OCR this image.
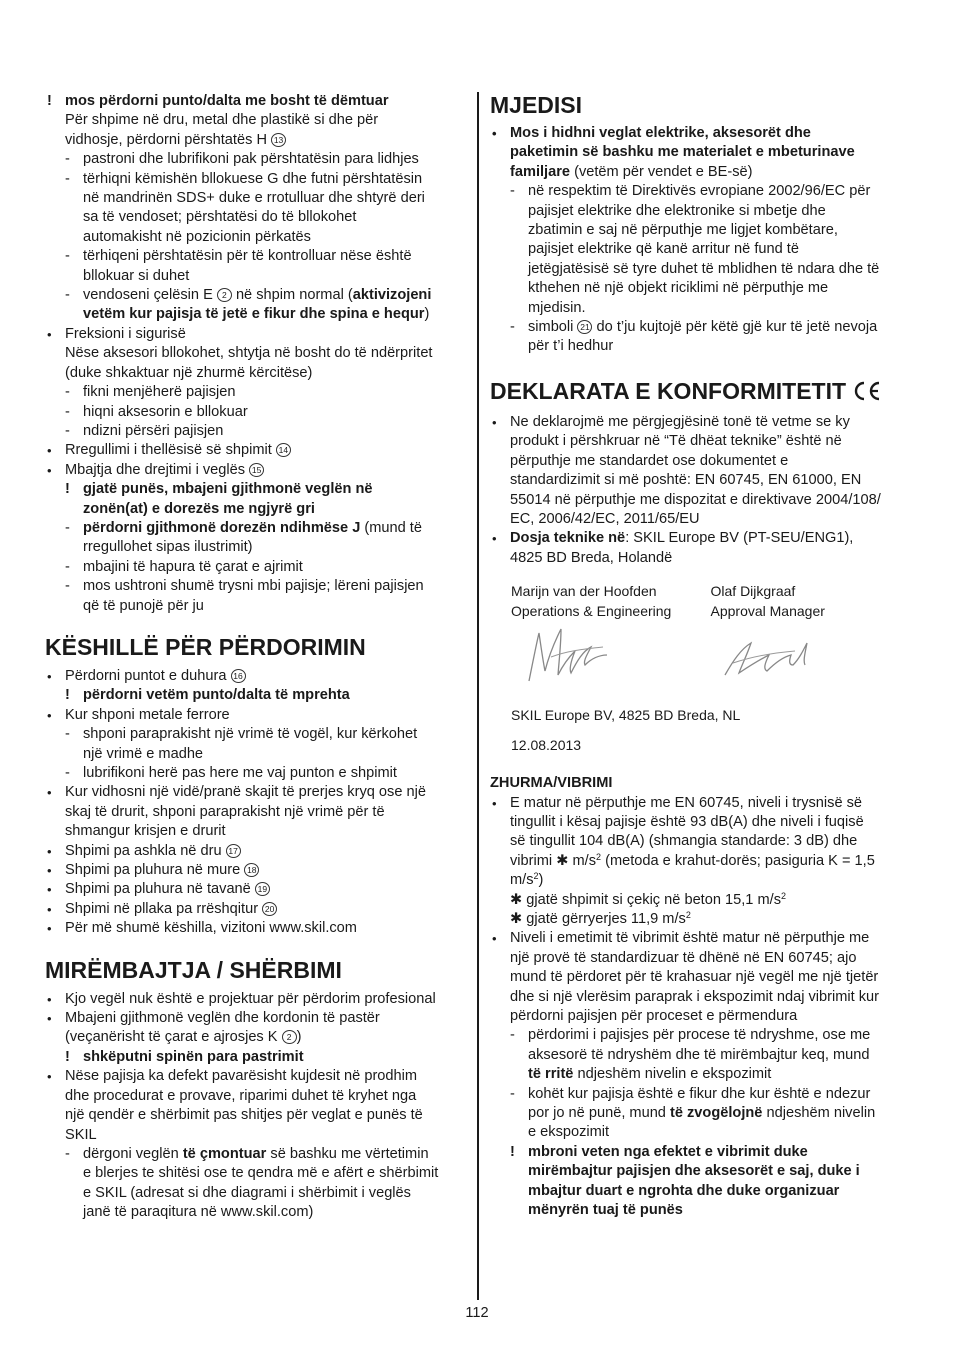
! mos përdorni punto/dalta me bosht të dëmtuar
Për shpime në dru, metal dhe plastikë si dhe për
vidhosje, përdorni përshtatës H 13
- pastroni dhe lubrifikoni pak përshtatësin para lidhjes
- tërhiqni këmishën bllokuese G dhe futni përshtatësin
në mandrinën SDS+ duke e rrotulluar dhe shtyrë deri
sa të vendoset; përshtatësi do të bllokohet
automakisht në pozicionin përkatës
- tërhiqeni përshtatësin për të kontrolluar nëse është
bllokuar si duhet
- vendoseni çelësin E 2 në shpim normal (aktivizojeni
vetëm kur pajisja të jetë e fikur dhe spina e hequr)
• Freksioni i sigurisë
Nëse aksesori bllokohet, shtytja në bosht do të ndërpritet
(duke shkaktuar një zhurmë kërcitëse)
- fikni menjëherë pajisjen
- hiqni aksesorin e bllokuar
- ndizni përsëri pajisjen
• Rregullimi i thellësisë së shpimit 14
• Mbajtja dhe drejtimi i veglës 15
! gjatë punës, mbajeni gjithmonë veglën në
zonën(at) e dorezës me ngjyrë gri
- përdorni gjithmonë dorezën ndihmëse J (mund të
rregullohet sipas ilustrimit)
- mbajini të hapura të çarat e ajrimit
- mos ushtroni shumë trysni mbi pajisje; lëreni pajisjen
që të punojë për ju
KËSHILLË PËR PËRDORIMIN
• Përdorni puntot e duhura 16
! përdorni vetëm punto/dalta të mprehta
• Kur shponi metale ferrore
- shponi paraprakisht një vrimë të vogël, kur kërkohet
një vrimë e madhe
- lubrifikoni herë pas here me vaj punton e shpimit
• Kur vidhosni një vidë/pranë skajit të prerjes kryq ose një
skaj të drurit, shponi paraprakisht një vrimë për të
shmangur krisjen e drurit
• Shpimi pa ashkla në dru 17
• Shpimi pa pluhura në mure 18
• Shpimi pa pluhura në tavanë 19
• Shpimi në pllaka pa rrëshqitur 20
• Për më shumë këshilla, vizitoni www.skil.com
MIRËMBAJTJA / SHËRBIMI
• Kjo vegël nuk është e projektuar për përdorim profesional
• Mbajeni gjithmonë veglën dhe kordonin të pastër
(veçanërisht të çarat e ajrosjes K 2 )
! shkëputni spinën para pastrimit
• Nëse pajisja ka defekt pavarësisht kujdesit në prodhim
dhe procedurat e provave, riparimi duhet të kryhet nga
një qendër e shërbimit pas shitjes për veglat e punës të
SKIL
- dërgoni veglën të çmontuar së bashku me vërtetimin
e blerjes te shitësi ose te qendra më e afërt e shërbimit
e SKIL (adresat si dhe diagrami i shërbimit i veglës
janë të paraqitura në www.skil.com)
MJEDISI
• Mos i hidhni veglat elektrike, aksesorët dhe
paketimin së bashku me materialet e mbeturinave
familjare (vetëm për vendet e BE-së)
- në respektim të Direktivës evropiane 2002/96/EC për
pajisjet elektrike dhe elektronike si mbetje dhe
zbatimin e saj në përputhje me ligjet kombëtare,
pajisjet elektrike që kanë arritur në fund të
jetëgjatësisë së tyre duhet të mblidhen të ndara dhe të
kthehen në një objekt riciklimi në përputhje me
mjedisin.
- simboli 21 do t’ju kujtojë për këtë gjë kur të jetë nevoja
për t’i hedhur
DEKLARATA E KONFORMITETIT
• Ne deklarojmë me përgjegjësinë tonë të vetme se ky
produkt i përshkruar në “Të dhëat teknike” është në
përputhje me standardet ose dokumentet e
standardizimit si më poshtë: EN 60745, EN 61000, EN
55014 në përputhje me dispozitat e direktivave 2004/108/
EC, 2006/42/EC, 2011/65/EU
• Dosja teknike në: SKIL Europe BV (PT-SEU/ENG1),
4825 BD Breda, Holandë
Marijn van der Hoofden
Operations & Engineering
Olaf Dijkgraaf
Approval Manager
SKIL Europe BV, 4825 BD Breda, NL
12.08.2013
ZHURMA/VIBRIMI
• E matur në përputhje me EN 60745, niveli i trysnisë së
tingullit i kësaj pajisje është 93 dB(A) dhe niveli i fuqisë
së tingullit 104 dB(A) (shmangia standarde: 3 dB) dhe
vibrimi ✱ $m/s^2$ (metoda e krahut-dorës; pasiguria K = 1,5
$m/s^2$)
✱ gjatë shpimit si çekiç në beton 15,1 $m/s^2$
✱ gjatë gërryerjes 11,9 $m/s^2$
• Niveli i emetimit të vibrimit është matur në përputhje me
një provë të standardizuar të dhënë në EN 60745; ajo
mund të përdoret për të krahasuar një vegël me një tjetër
dhe si një vlerësim paraprak i ekspozimit ndaj vibrimit kur
përdorni pajisjen për proceset e përmendura
- përdorimi i pajisjes për procese të ndryshme, ose me
aksesorë të ndryshëm dhe të mirëmbajtur keq, mund
të rritë ndjeshëm nivelin e ekspozimit
- kohët kur pajisja është e fikur dhe kur është e ndezur
por jo në punë, mund të zvogëlojnë ndjeshëm nivelin
e ekspozimit
! mbroni veten nga efektet e vibrimit duke
mirëmbajtur pajisjen dhe aksesorët e saj, duke i
mbajtur duart e ngrohta dhe duke organizuar
mënyrën tuaj të punës
112
